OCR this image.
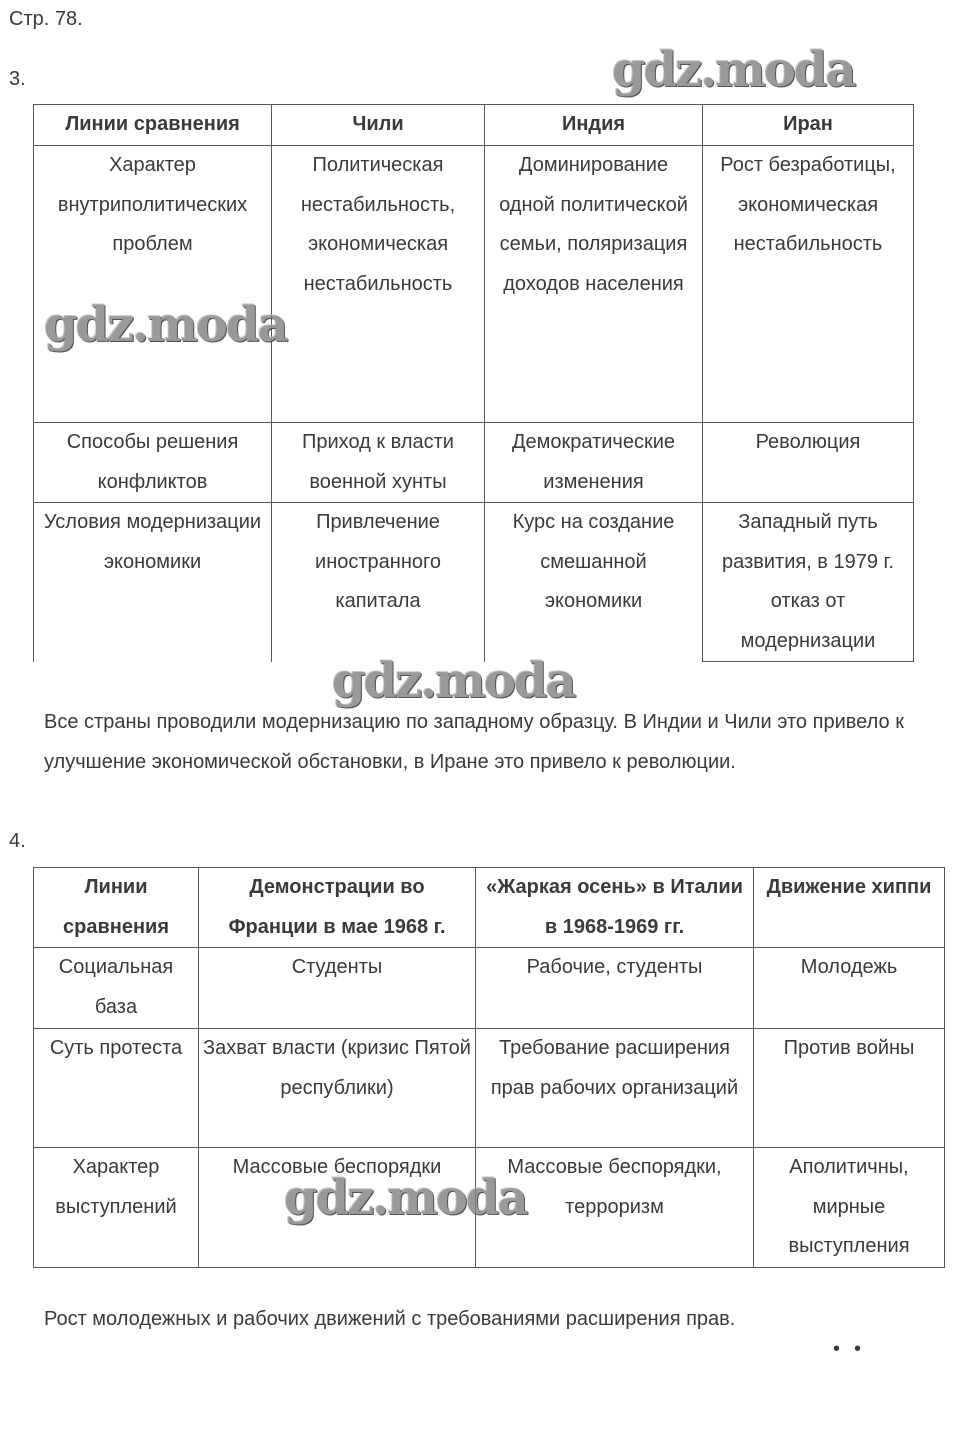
Стр. 78.
3.
Линии сравнения	Чили	Индия	Иран
Характер внутриполитических проблем	Политическая нестабильность, экономическая нестабильность	Доминирование одной политической семьи, поляризация доходов населения	Рост безработицы, экономическая нестабильность
Способы решения конфликтов	Приход к власти военной хунты	Демократические изменения	Революция
Условия модернизации экономики	Привлечение иностранного капитала	Курс на создание смешанной экономики	Западный путь развития, в 1979 г. отказ от модернизации
Все страны проводили модернизацию по западному образцу. В Индии и Чили это привело к улучшение экономической обстановки, в Иране это привело к революции.
4.
Линии сравнения	Демонстрации во Франции в мае 1968 г.	«Жаркая осень» в Италии в 1968-1969 гг.	Движение хиппи
Социальная база	Студенты	Рабочие, студенты	Молодежь
Суть протеста	Захват власти (кризис Пятой республики)	Требование расширения прав рабочих организаций	Против войны
Характер выступлений	Массовые беспорядки	Массовые беспорядки, терроризм	Аполитичны, мирные выступления
Рост молодежных и рабочих движений с требованиями расширения прав.
••
gdz.moda
gdz.moda
gdz.moda
gdz.moda
